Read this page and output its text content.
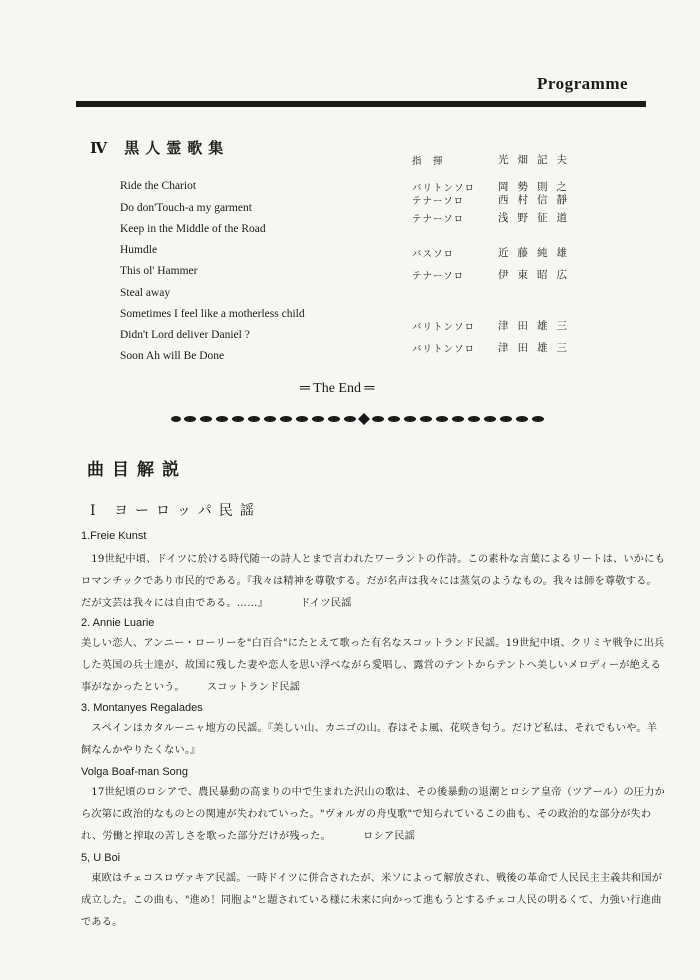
Programme
Ⅳ 黒人霊歌集
指　揮	光畑記夫
Ride the Chariot
Do don'Touch-a my garment
Keep in the Middle of the Road
Humdle
This ol' Hammer
Steal away
Sometimes I feel like a motherless child
Didn't Lord deliver Daniel ?
Soon Ah will Be Done
バリトンソロ	岡勢則之
テナーソロ	西村信靜
テナーソロ	浅野征道
バスソロ	近藤純雄
テナーソロ	伊東昭広
バリトンソロ	津田雄三
バリトンソロ	津田雄三
═ The End ═
曲目解説
Ⅰ ヨーロッパ民謡
1.Freie Kunst
19世紀中頃、ドイツに於ける時代随一の詩人とまで言われたワーラントの作詩。この素朴な言葉によるリートは、いかにもロマンチックであり市民的である。『我々は精神を尊敬する。だが名声は我々には蒸気のようなもの。我々は師を尊敬する。だが文芸は我々には自由である。……』	ドイツ民謡
2. Annie Luarie
美しい恋人、アンニー・ローリーを"白百合"にたとえて歌った有名なスコットランド民謡。19世紀中頃、クリミヤ戦争に出兵した英国の兵士達が、故国に残した妻や恋人を思い浮べながら愛唱し、露営のテントからテントへ美しいメロディーが絶える事がなかったという。 スコットランド民謡
3. Montanyes Regalades
スペインはカタルーニャ地方の民謡。『美しい山、カニゴの山。春はそよ風、花咲き匂う。だけど私は、それでもいや。羊飼なんかやりたくない。』
Volga Boaf-man Song
17世紀頃のロシアで、農民暴動の高まりの中で生まれた沢山の歌は、その後暴動の退潮とロシア皇帝（ツアール）の圧力から次第に政治的なものとの関連が失われていった。"ヴォルガの舟曳歌"で知られているこの曲も、その政治的な部分が失われ、労働と搾取の苦しさを歌った部分だけが残った。	ロシア民謡
5, U Boi
東欧はチェコスロヴァキア民謡。一時ドイツに併合されたが、米ソによって解放され、戦後の革命で人民民主主義共和国が成立した。この曲も、"進め！同胞よ"と題されている様に未来に向かって進もうとするチェコ人民の明るくて、力強い行進曲である。
